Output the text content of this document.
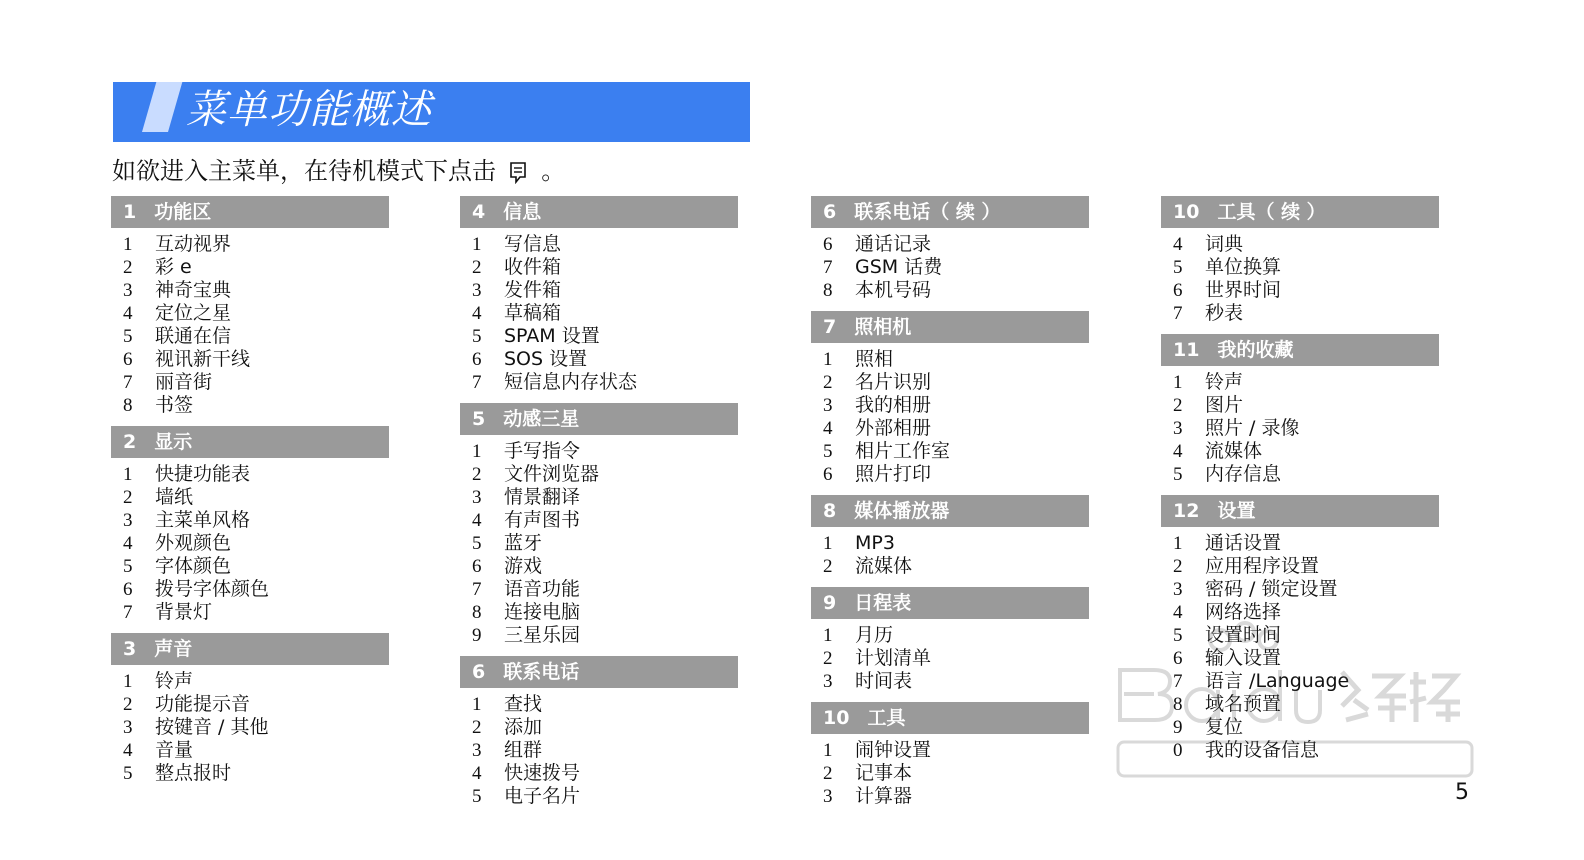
菜单功能概述
如欲进入主菜单，在待机模式下点击 。
1 功能区
1	互动视界
2	彩 e
3	神奇宝典
4	定位之星
5	联通在信
6	视讯新干线
7	丽音街
8	书签
2 显示
1	快捷功能表
2	墙纸
3	主菜单风格
4	外观颜色
5	字体颜色
6	拨号字体颜色
7	背景灯
3 声音
1	铃声
2	功能提示音
3	按键音 / 其他
4	音量
5	整点报时
4 信息
1	写信息
2	收件箱
3	发件箱
4	草稿箱
5	SPAM 设置
6	SOS 设置
7	短信息内存状态
5 动感三星
1	手写指令
2	文件浏览器
3	情景翻译
4	有声图书
5	蓝牙
6	游戏
7	语音功能
8	连接电脑
9	三星乐园
6 联系电话
1	查找
2	添加
3	组群
4	快速拨号
5	电子名片
6 联系电话（ 续 ）
6	通话记录
7	GSM 话费
8	本机号码
7 照相机
1	照相
2	名片识别
3	我的相册
4	外部相册
5	相片工作室
6	照片打印
8 媒体播放器
1	MP3
2	流媒体
9 日程表
1	月历
2	计划清单
3	时间表
10 工具
1	闹钟设置
2	记事本
3	计算器
10 工具（ 续 ）
4	词典
5	单位换算
6	世界时间
7	秒表
11 我的收藏
1	铃声
2	图片
3	照片 / 录像
4	流媒体
5	内存信息
12 设置
1	通话设置
2	应用程序设置
3	密码 / 锁定设置
4	网络选择
5	设置时间
6	输入设置
7	语言 /Language
8	域名预置
9	复位
0	我的设备信息
5
